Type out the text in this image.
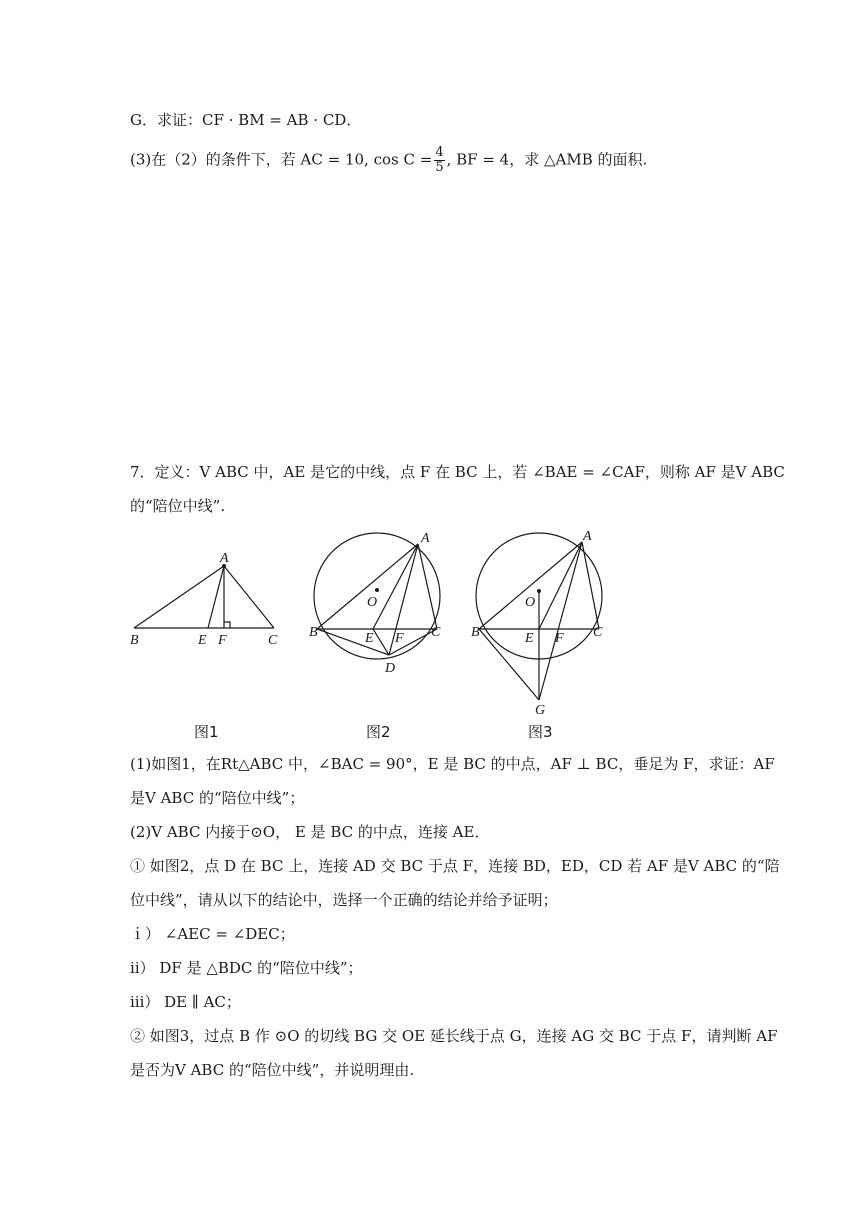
G．求证：CF · BM = AB · CD．
(3)在（2）的条件下，若 AC = 10, $\cos C = \frac{4}{5}$ , BF = 4，求 △AMB 的面积.
7．定义：V ABC 中，AE 是它的中线，点 F 在 BC 上，若 ∠BAE = ∠CAF，则称 AF 是V ABC
的“陪位中线”.
A
B	C
E F
A
O
B	C
E F
D
A
O
B	C
E F
G
图1	图2	图3
(1)如图1，在Rt△ABC 中，∠BAC = 90°，E 是 BC 的中点，AF ⊥ BC，垂足为 F，求证：AF
是V ABC 的“陪位中线”；
(2)V ABC 内接于⊙O， E 是 BC 的中点，连接 AE．
① 如图2，点 D 在 BC 上，连接 AD 交 BC 于点 F，连接 BD，ED，CD 若 AF 是V ABC 的“陪
位中线”，请从以下的结论中，选择一个正确的结论并给予证明；
ｉ） ∠AEC = ∠DEC；
ⅱ） DF 是 △BDC 的“陪位中线”；
ⅲ） DE ∥ AC；
② 如图3，过点 B 作 ⊙O 的切线 BG 交 OE 延长线于点 G，连接 AG 交 BC 于点 F，请判断 AF
是否为V ABC 的“陪位中线”，并说明理由.
